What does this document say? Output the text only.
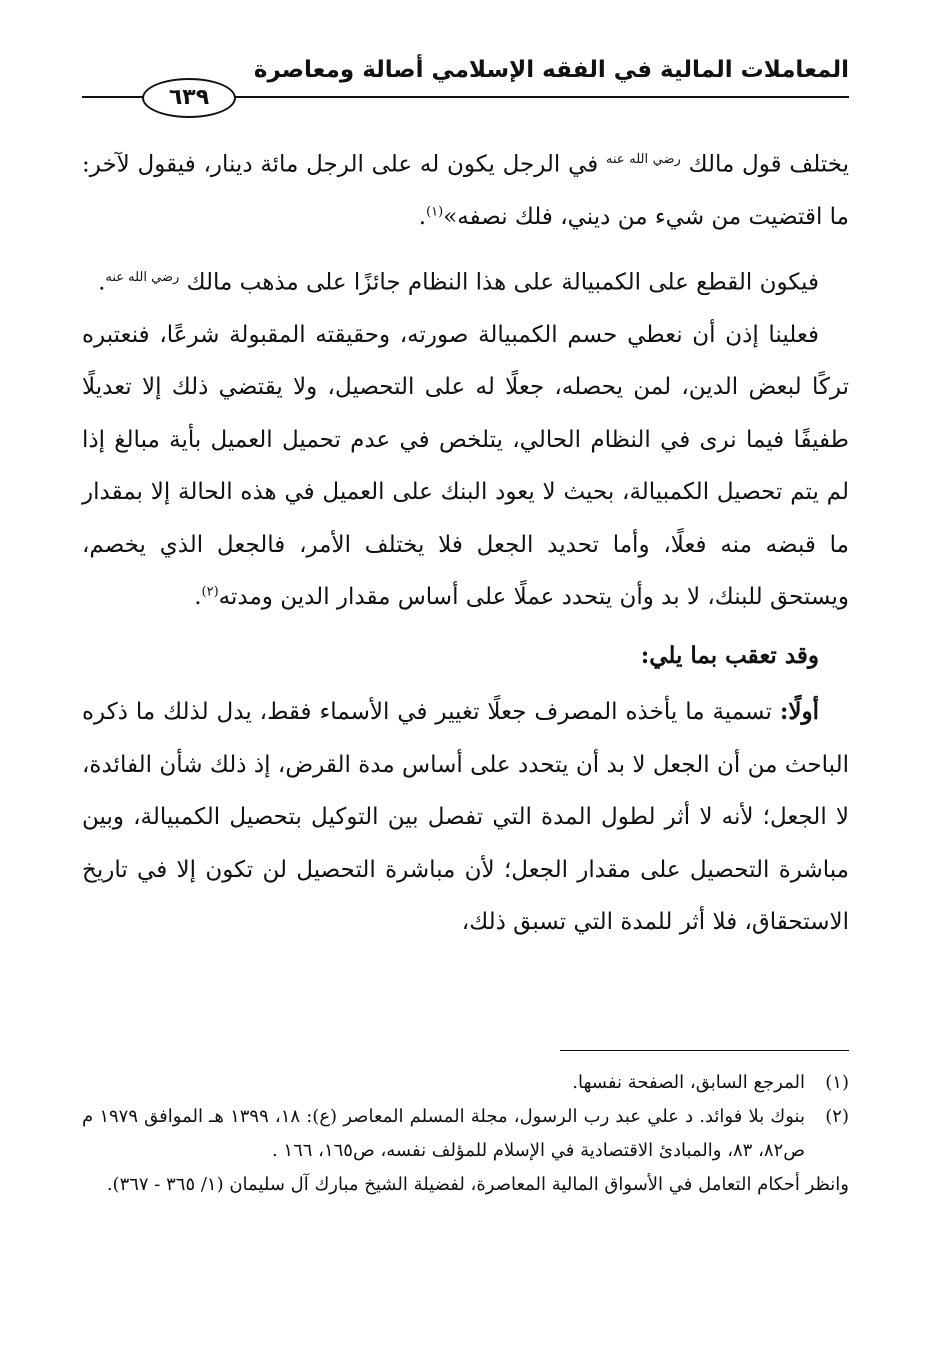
المعاملات المالية في الفقه الإسلامي أصالة ومعاصرة
٦٣٩

يختلف قول مالك $^{رضي الله عنه}$ في الرجل يكون له على الرجل مائة دينار، فيقول لآخر: ما اقتضيت من شيء من ديني، فلك نصفه»$^{(١)}$.

فيكون القطع على الكمبيالة على هذا النظام جائزًا على مذهب مالك $^{رضي الله عنه}$.

فعلينا إذن أن نعطي حسم الكمبيالة صورته، وحقيقته المقبولة شرعًا، فنعتبره تركًا لبعض الدين، لمن يحصله، جعلًا له على التحصيل، ولا يقتضي ذلك إلا تعديلًا طفيفًا فيما نرى في النظام الحالي، يتلخص في عدم تحميل العميل بأية مبالغ إذا لم يتم تحصيل الكمبيالة، بحيث لا يعود البنك على العميل في هذه الحالة إلا بمقدار ما قبضه منه فعلًا، وأما تحديد الجعل فلا يختلف الأمر، فالجعل الذي يخصم، ويستحق للبنك، لا بد وأن يتحدد عملًا على أساس مقدار الدين ومدته$^{(٢)}$.

وقد تعقب بما يلي:

أولًا: تسمية ما يأخذه المصرف جعلًا تغيير في الأسماء فقط، يدل لذلك ما ذكره الباحث من أن الجعل لا بد أن يتحدد على أساس مدة القرض، إذ ذلك شأن الفائدة، لا الجعل؛ لأنه لا أثر لطول المدة التي تفصل بين التوكيل بتحصيل الكمبيالة، وبين مباشرة التحصيل على مقدار الجعل؛ لأن مباشرة التحصيل لن تكون إلا في تاريخ الاستحقاق، فلا أثر للمدة التي تسبق ذلك،

(١)
المرجع السابق، الصفحة نفسها.

(٢)
بنوك بلا فوائد. د علي عبد رب الرسول، مجلة المسلم المعاصر (ع): ١٨، ١٣٩٩ هـ الموافق ١٩٧٩ م ص٨٢، ٨٣، والمبادئ الاقتصادية في الإسلام للمؤلف نفسه، ص١٦٥، ١٦٦ .

وانظر أحكام التعامل في الأسواق المالية المعاصرة، لفضيلة الشيخ مبارك آل سليمان (١/ ٣٦٥ - ٣٦٧).
